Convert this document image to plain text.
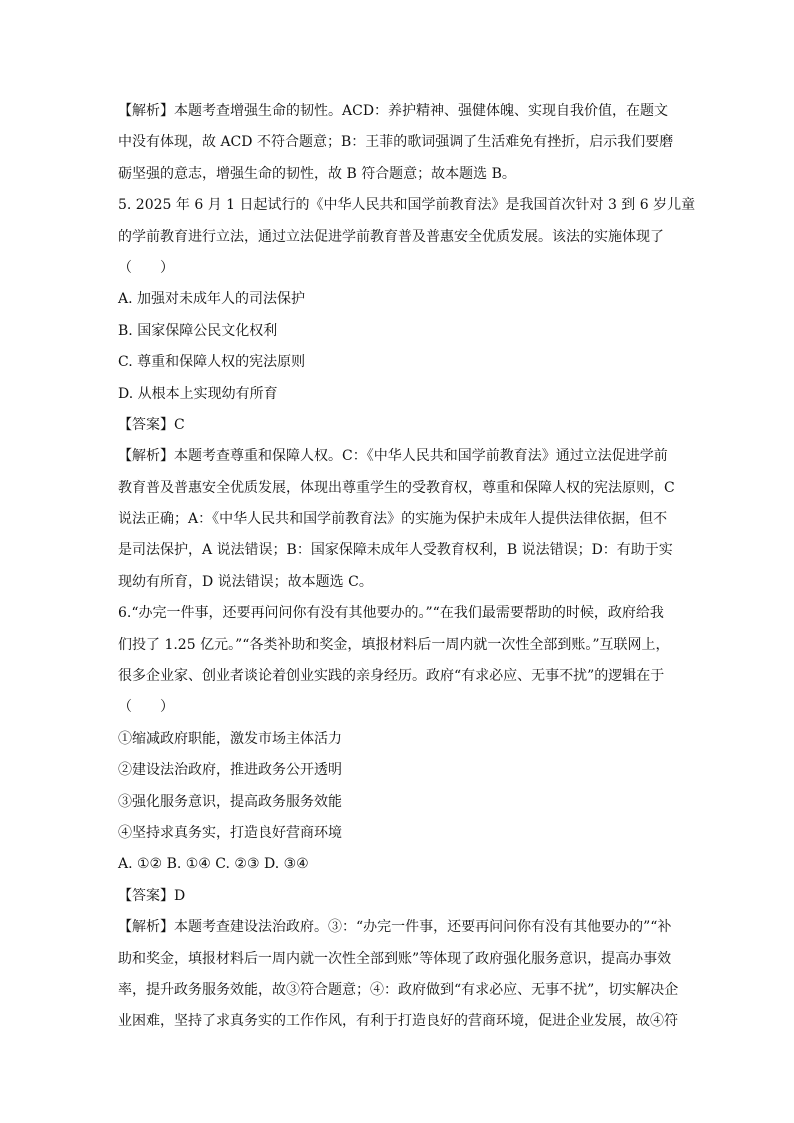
【解析】本题考查增强生命的韧性。ACD：养护精神、强健体魄、实现自我价值，在题文
中没有体现，故 ACD 不符合题意；B：王菲的歌词强调了生活难免有挫折，启示我们要磨
砺坚强的意志，增强生命的韧性，故 B 符合题意；故本题选 B。
5. 2025 年 6 月 1 日起试行的《中华人民共和国学前教育法》是我国首次针对 3 到 6 岁儿童
的学前教育进行立法，通过立法促进学前教育普及普惠安全优质发展。该法的实施体现了
（　　）
A. 加强对未成年人的司法保护
B. 国家保障公民文化权利
C. 尊重和保障人权的宪法原则
D. 从根本上实现幼有所育
【答案】C
【解析】本题考查尊重和保障人权。C：《中华人民共和国学前教育法》通过立法促进学前
教育普及普惠安全优质发展，体现出尊重学生的受教育权，尊重和保障人权的宪法原则，C
说法正确；A：《中华人民共和国学前教育法》的实施为保护未成年人提供法律依据，但不
是司法保护，A 说法错误；B：国家保障未成年人受教育权利，B 说法错误；D：有助于实
现幼有所育，D 说法错误；故本题选 C。
6.“办完一件事，还要再问问你有没有其他要办的。”“在我们最需要帮助的时候，政府给我
们投了 1.25 亿元。”“各类补助和奖金，填报材料后一周内就一次性全部到账。”互联网上，
很多企业家、创业者谈论着创业实践的亲身经历。政府“有求必应、无事不扰”的逻辑在于
（　　）
①缩减政府职能，激发市场主体活力
②建设法治政府，推进政务公开透明
③强化服务意识，提高政务服务效能
④坚持求真务实，打造良好营商环境
A. ①② B. ①④ C. ②③ D. ③④
【答案】D
【解析】本题考查建设法治政府。③：“办完一件事，还要再问问你有没有其他要办的”“补
助和奖金，填报材料后一周内就一次性全部到账”等体现了政府强化服务意识，提高办事效
率，提升政务服务效能，故③符合题意；④：政府做到“有求必应、无事不扰”，切实解决企
业困难，坚持了求真务实的工作作风，有利于打造良好的营商环境，促进企业发展，故④符
